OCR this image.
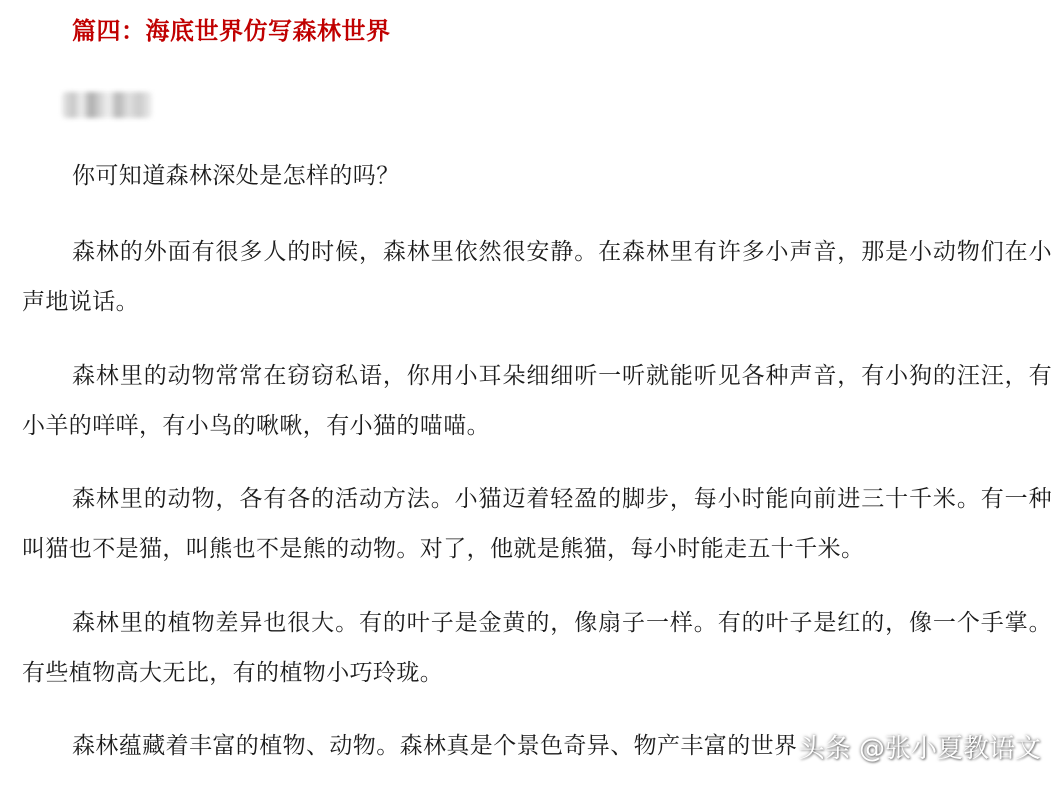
篇四：海底世界仿写森林世界

你可知道森林深处是怎样的吗？

森林的外面有很多人的时候，森林里依然很安静。在森林里有许多小声音，那是小动物们在小声地说话。

森林里的动物常常在窃窃私语，你用小耳朵细细听一听就能听见各种声音，有小狗的汪汪，有小羊的咩咩，有小鸟的啾啾，有小猫的喵喵。

森林里的动物，各有各的活动方法。小猫迈着轻盈的脚步，每小时能向前进三十千米。有一种叫猫也不是猫，叫熊也不是熊的动物。对了，他就是熊猫，每小时能走五十千米。

森林里的植物差异也很大。有的叶子是金黄的，像扇子一样。有的叶子是红的，像一个手掌。有些植物高大无比，有的植物小巧玲珑。

森林蕴藏着丰富的植物、动物。森林真是个景色奇异、物产丰富的世界 头条 @张小夏教语文
